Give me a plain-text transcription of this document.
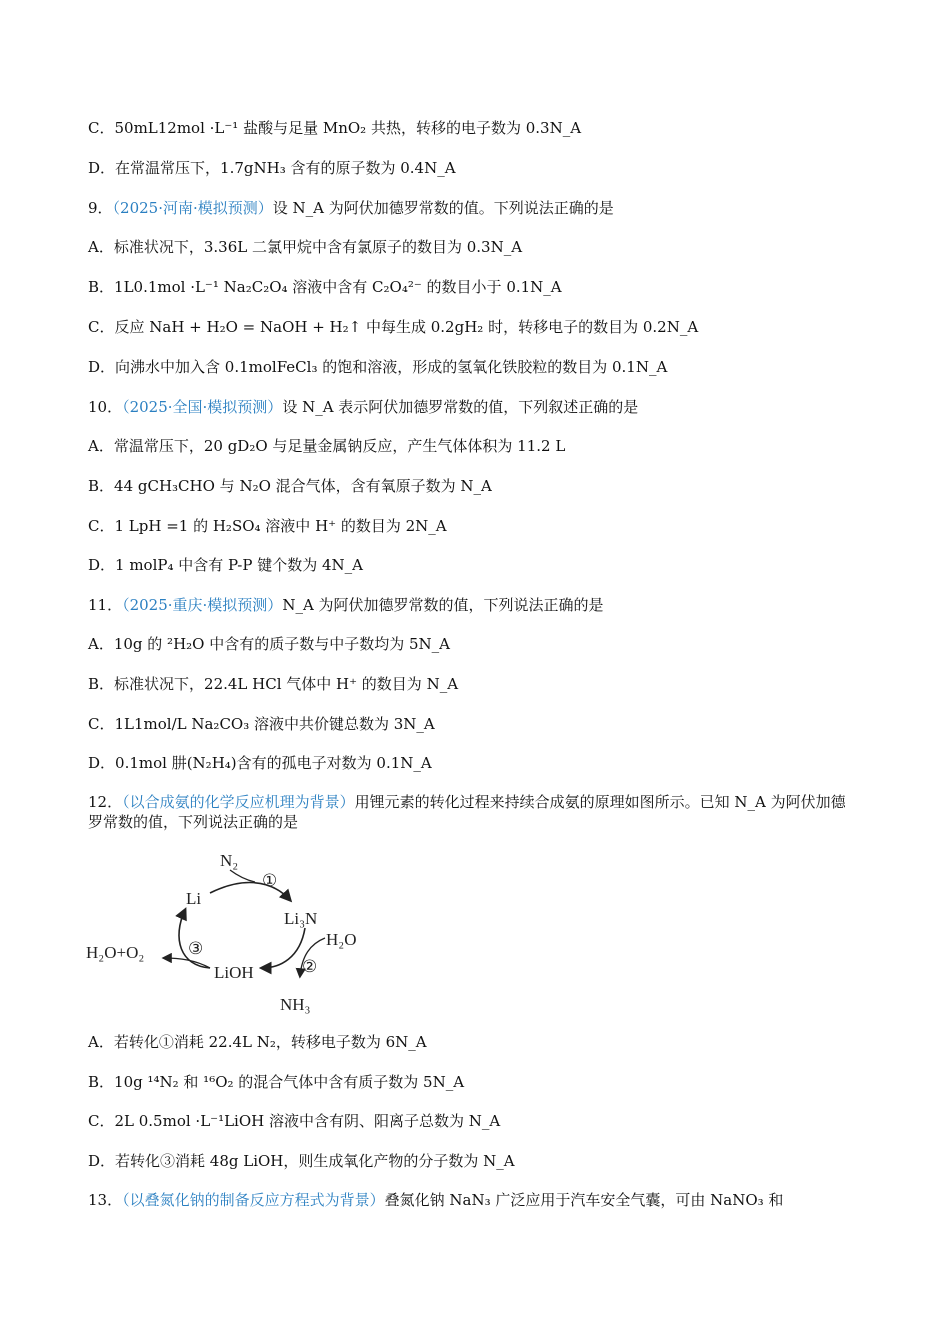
C．50mL12mol ·L⁻¹ 盐酸与足量 MnO₂ 共热，转移的电子数为 0.3N_A
D．在常温常压下，1.7gNH₃ 含有的原子数为 0.4N_A
9．（2025·河南·模拟预测）设 N_A 为阿伏加德罗常数的值。下列说法正确的是
A．标准状况下，3.36L 二氯甲烷中含有氯原子的数目为 0.3N_A
B．1L0.1mol ·L⁻¹ Na₂C₂O₄ 溶液中含有 C₂O₄²⁻ 的数目小于 0.1N_A
C．反应 NaH + H₂O = NaOH + H₂↑ 中每生成 0.2gH₂ 时，转移电子的数目为 0.2N_A
D．向沸水中加入含 0.1molFeCl₃ 的饱和溶液，形成的氢氧化铁胶粒的数目为 0.1N_A
10．（2025·全国·模拟预测）设 N_A 表示阿伏加德罗常数的值，下列叙述正确的是
A．常温常压下，20 gD₂O 与足量金属钠反应，产生气体体积为 11.2 L
B．44 gCH₃CHO 与 N₂O 混合气体，含有氧原子数为 N_A
C．1 LpH =1 的 H₂SO₄ 溶液中 H⁺ 的数目为 2N_A
D．1 molP₄ 中含有 P-P 键个数为 4N_A
11．（2025·重庆·模拟预测）N_A 为阿伏加德罗常数的值，下列说法正确的是
A．10g 的 ²H₂O 中含有的质子数与中子数均为 5N_A
B．标准状况下，22.4L HCl 气体中 H⁺ 的数目为 N_A
C．1L1mol/L Na₂CO₃ 溶液中共价键总数为 3N_A
D．0.1mol 肼(N₂H₄)含有的孤电子对数为 0.1N_A
12．（以合成氨的化学反应机理为背景）用锂元素的转化过程来持续合成氨的原理如图所示。已知 N_A 为阿伏加德罗常数的值，下列说法正确的是
A．若转化①消耗 22.4L N₂，转移电子数为 6N_A
B．10g ¹⁴N₂ 和 ¹⁶O₂ 的混合气体中含有质子数为 5N_A
C．2L 0.5mol ·L⁻¹LiOH 溶液中含有阴、阳离子总数为 N_A
D．若转化③消耗 48g LiOH，则生成氧化产物的分子数为 N_A
13．（以叠氮化钠的制备反应方程式为背景）叠氮化钠 NaN₃ 广泛应用于汽车安全气囊，可由 NaNO₃ 和
N₂
Li
Li₃N
H₂O
LiOH
NH₃
H₂O+O₂
①
②
③
